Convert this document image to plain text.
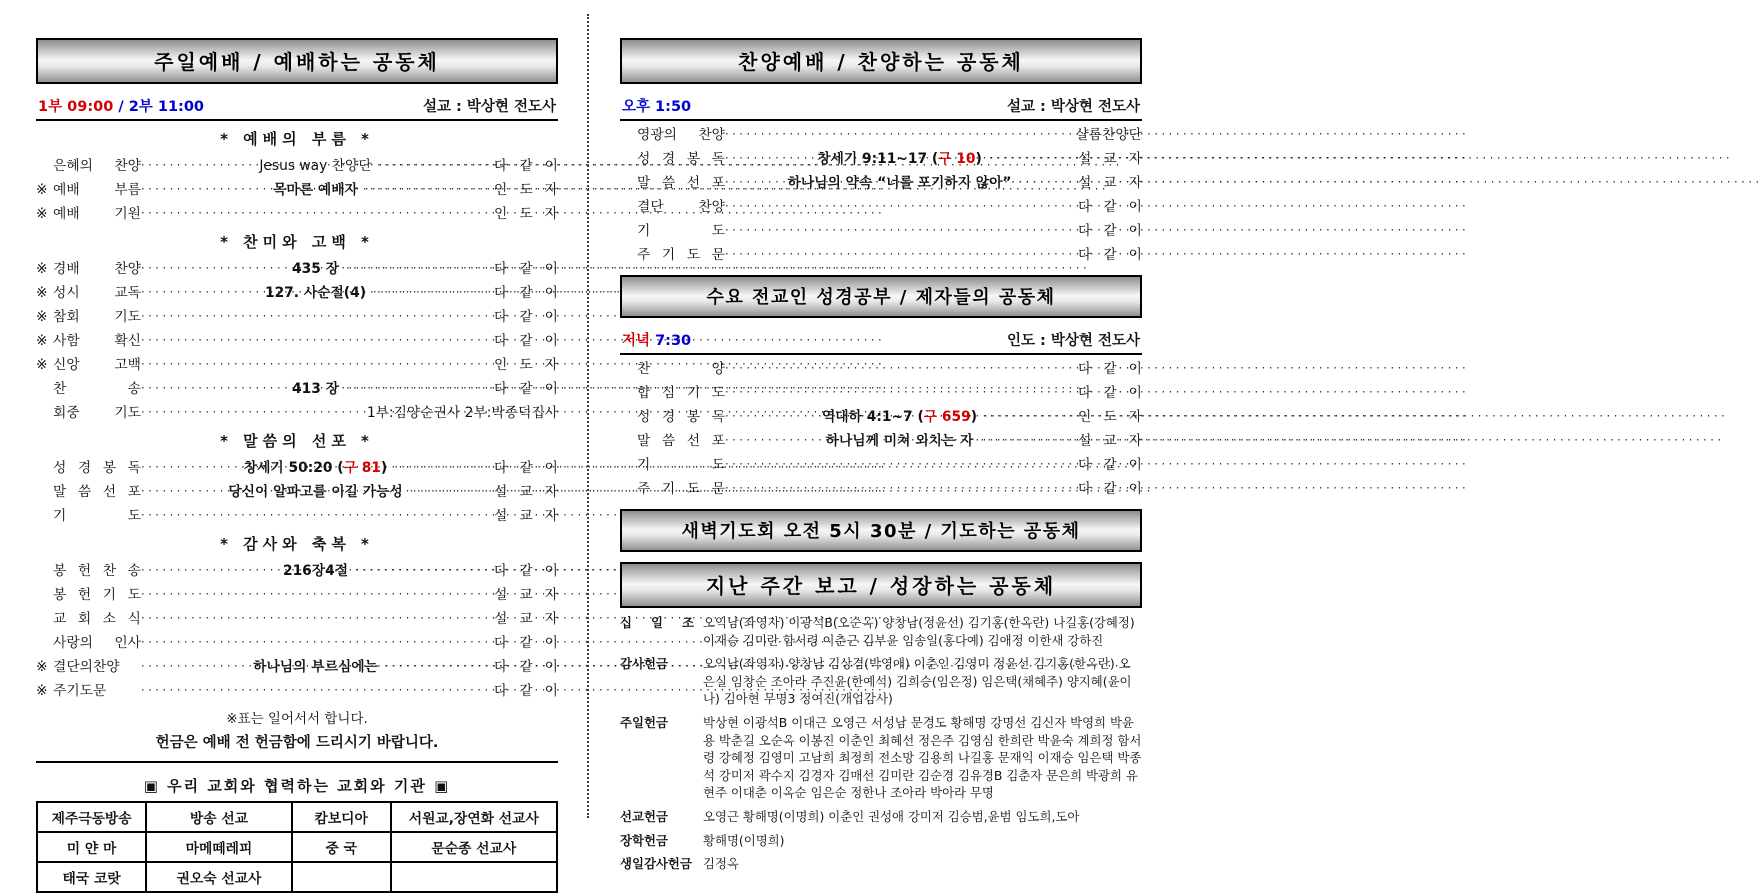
주일예배 / 예배하는 공동체
1부 09:00 / 2부 11:00	설교 : 박상현 전도사
* 예배의 부름 *
은혜의 찬양 ·····	Jesus way 찬양단 ·····	다 같 이
※ 예배 부름 ·····	목마른 예배자 ·····	인 도 자
※ 예배 기원 ·····	인 도 자
* 찬미와 고백 *
※ 경배 찬양 ·····	435 장 ·····	다 같 이
※ 성시 교독 ·····	127. 사순절(4) ·····	다 같 이
※ 참회 기도 ·····	다 같 이
※ 사함 확신 ·····	다 같 이
※ 신앙 고백 ·····	인 도 자
찬 송 ·····	413 장 ·····	다 같 이
회중 기도 ·····	1부:김양순권사 2부:박종덕집사
* 말씀의 선포 *
성 경 봉 독 ·····	창세기 50:20 (구 81) ·····	다 같 이
말 씀 선 포 ·····	당신이 알파고를 이길 가능성 ·····	설 교 자
기 도 ·····	설 교 자
* 감사와 축복 *
봉 헌 찬 송 ·····	216장4절 ·····	다 같 이
봉 헌 기 도 ·····	설 교 자
교 회 소 식 ·····	설 교 자
사랑의 인사 ·····	다 같 이
※ 결단의찬양 ·····	하나님의 부르심에는 ·····	다 같 이
※ 주기도문 ·····	다 같 이
※표는 일어서서 합니다.
헌금은 예배 전 헌금함에 드리시기 바랍니다.
▣ 우리 교회와 협력하는 교회와 기관 ▣
제주극동방송	방송 선교	캄보디아	서원교,장연화 선교사
미 얀 마	마메떼레피	중 국	문순종 선교사
태국 코랏	권오숙 선교사		
찬양예배 / 찬양하는 공동체
오후 1:50	설교 : 박상현 전도사
영광의 찬양 ·····	샬롬찬양단
성 경 봉 독 ·····	창세기 9:11~17 (구 10) ·····	설 교 자
말 씀 선 포 ·····	하나님의 약속 “너를 포기하지 않아” ·····	설 교 자
결단 찬양 ·····	다 같 이
기 도 ·····	다 같 이
주 기 도 문 ·····	다 같 이
수요 전교인 성경공부 / 제자들의 공동체
저녁 7:30	인도 : 박상현 전도사
찬 양 ·····	다 같 이
합 심 기 도 ·····	다 같 이
성 경 봉 독 ·····	역대하 4:1~7 (구 659) ·····	인 도 자
말 씀 선 포 ·····	하나님께 미쳐 외치는 자 ·····	설 교 자
기 도 ·····	다 같 이
주 기 도 문 ·····	다 같 이
새벽기도회 오전 5시 30분 / 기도하는 공동체
지난 주간 보고 / 성장하는 공동체
십 일 조 오익남(좌영자) 이광석B(오순옥) 양창남(정윤선) 김기홍(한옥란) 나길홍(강혜정) 이재승 김미란 함서령 이춘근 김부윤 임송일(홍다예) 김애정 이한새 강하진
감사헌금	오익남(좌영자) 양창남 김상겸(박영애) 이춘인 김영미 정윤선 김기홍(한옥란) 오은실 임창순 조아라 주진윤(한예석) 김희승(임은정) 임은택(채혜주) 양지혜(윤이나) 김아현 무명3 정여진(개업감사)
주일헌금	박상현 이광석B 이대근 오영근 서성남 문경도 황해명 강명선 김신자 박영희 박윤용 박춘길 오순옥 이봉진 이춘인 최혜선 정은주 김영심 한희란 박윤숙 계희정 함서령 강혜정 김영미 고남희 최정희 전소망 김용희 나길홍 문재익 이재승 임은택 박종석 강미저 곽수지 김경자 김매선 김미란 김순경 김유경B 김춘자 문은희 박광희 유현주 이대춘 이옥순 임은순 정한나 조아라 박아라 무명
선교헌금	오영근 황해명(이명희) 이춘인 권성애 강미저 김승범,윤범 임도희,도아
장학헌금	황해명(이명희)
생일감사헌금 김정옥
